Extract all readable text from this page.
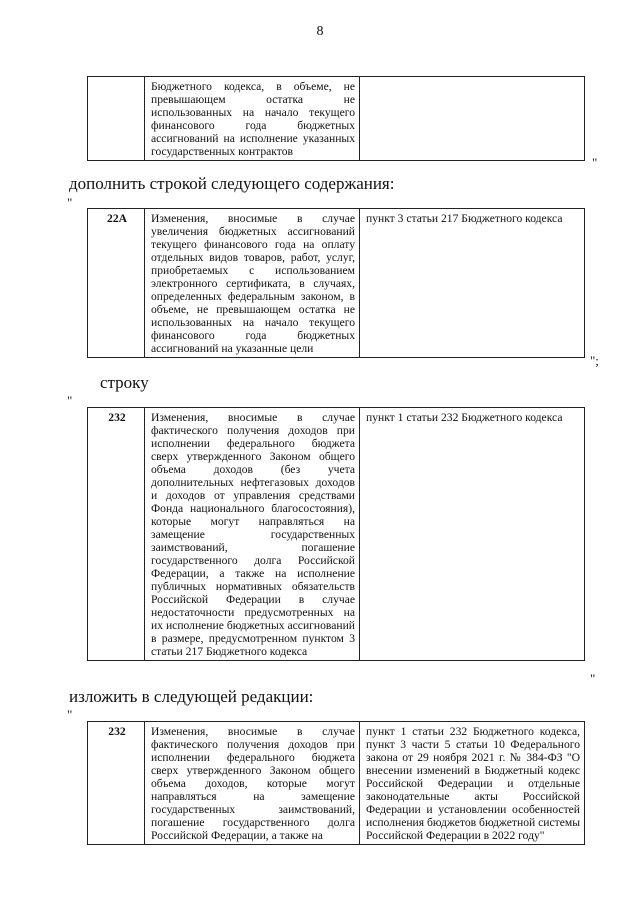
8
	Бюджетного кодекса, в объеме, не превышающем остатка не использованных на начало текущего финансового года бюджетных ассигнований на исполнение указанных государственных контрактов	
"
дополнить строкой следующего содержания:
"
22А	Изменения, вносимые в случае увеличения бюджетных ассигнований текущего финансового года на оплату отдельных видов товаров, работ, услуг, приобретаемых с использованием электронного сертификата, в случаях, определенных федеральным законом, в объеме, не превышающем остатка не использованных на начало текущего финансового года бюджетных ассигнований на указанные цели	пункт 3 статьи 217 Бюджетного кодекса
";
строку
"
232	Изменения, вносимые в случае фактического получения доходов при исполнении федерального бюджета сверх утвержденного Законом общего объема доходов (без учета дополнительных нефтегазовых доходов и доходов от управления средствами Фонда национального благосостояния), которые могут направляться на замещение государственных заимствований, погашение государственного долга Российской Федерации, а также на исполнение публичных нормативных обязательств Российской Федерации в случае недостаточности предусмотренных на их исполнение бюджетных ассигнований в размере, предусмотренном пунктом 3 статьи 217 Бюджетного кодекса	пункт 1 статьи 232 Бюджетного кодекса
"
изложить в следующей редакции:
"
232	Изменения, вносимые в случае фактического получения доходов при исполнении федерального бюджета сверх утвержденного Законом общего объема доходов, которые могут направляться на замещение государственных заимствований, погашение государственного долга Российской Федерации, а также на	пункт 1 статьи 232 Бюджетного кодекса, пункт 3 части 5 статьи 10 Федерального закона от 29 ноября 2021 г. № 384-ФЗ "О внесении изменений в Бюджетный кодекс Российской Федерации и отдельные законодательные акты Российской Федерации и установлении особенностей исполнения бюджетов бюджетной системы Российской Федерации в 2022 году"
